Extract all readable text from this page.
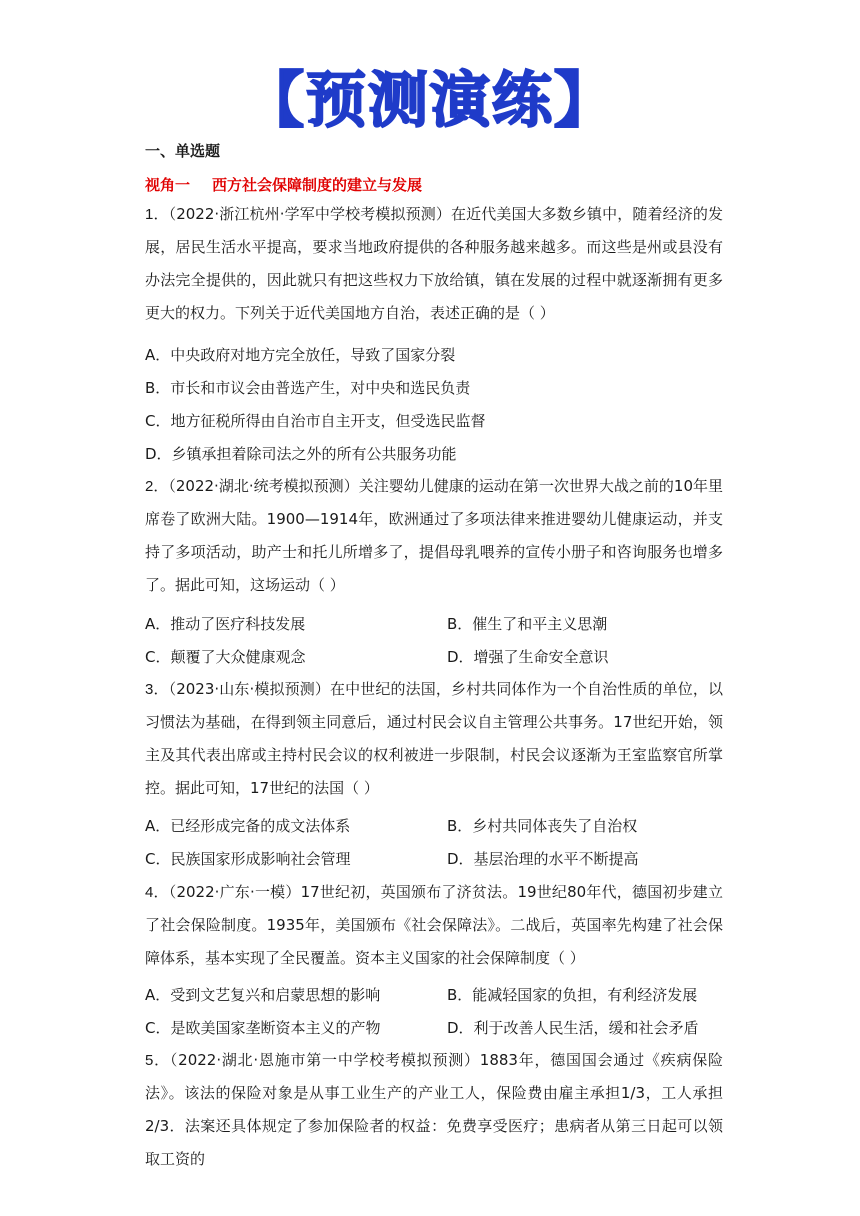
【预测演练】
一、单选题
视角一 西方社会保障制度的建立与发展
1．（2022·浙江杭州·学军中学校考模拟预测）在近代美国大多数乡镇中，随着经济的发展，居民生活水平提高，要求当地政府提供的各种服务越来越多。而这些是州或县没有办法完全提供的，因此就只有把这些权力下放给镇，镇在发展的过程中就逐渐拥有更多更大的权力。下列关于近代美国地方自治，表述正确的是（ ）
A．中央政府对地方完全放任，导致了国家分裂
B．市长和市议会由普选产生，对中央和选民负责
C．地方征税所得由自治市自主开支，但受选民监督
D．乡镇承担着除司法之外的所有公共服务功能
2．（2022·湖北·统考模拟预测）关注婴幼儿健康的运动在第一次世界大战之前的10年里席卷了欧洲大陆。1900—1914年，欧洲通过了多项法律来推进婴幼儿健康运动，并支持了多项活动，助产士和托儿所增多了，提倡母乳喂养的宣传小册子和咨询服务也增多了。据此可知，这场运动（ ）
A．推动了医疗科技发展	B．催生了和平主义思潮
C．颠覆了大众健康观念	D．增强了生命安全意识
3．（2023·山东·模拟预测）在中世纪的法国，乡村共同体作为一个自治性质的单位，以习惯法为基础，在得到领主同意后，通过村民会议自主管理公共事务。17世纪开始，领主及其代表出席或主持村民会议的权利被进一步限制，村民会议逐渐为王室监察官所掌控。据此可知，17世纪的法国（ ）
A．已经形成完备的成文法体系	B．乡村共同体丧失了自治权
C．民族国家形成影响社会管理	D．基层治理的水平不断提高
4．（2022·广东·一模）17世纪初，英国颁布了济贫法。19世纪80年代，德国初步建立了社会保险制度。1935年，美国颁布《社会保障法》。二战后，英国率先构建了社会保障体系，基本实现了全民覆盖。资本主义国家的社会保障制度（ ）
A．受到文艺复兴和启蒙思想的影响	B．能减轻国家的负担，有利经济发展
C．是欧美国家垄断资本主义的产物	D．利于改善人民生活，缓和社会矛盾
5．（2022·湖北·恩施市第一中学校考模拟预测）1883年，德国国会通过《疾病保险法》。该法的保险对象是从事工业生产的产业工人，保险费由雇主承担1/3，工人承担2/3．法案还具体规定了参加保险者的权益：免费享受医疗；患病者从第三日起可以领取工资的
